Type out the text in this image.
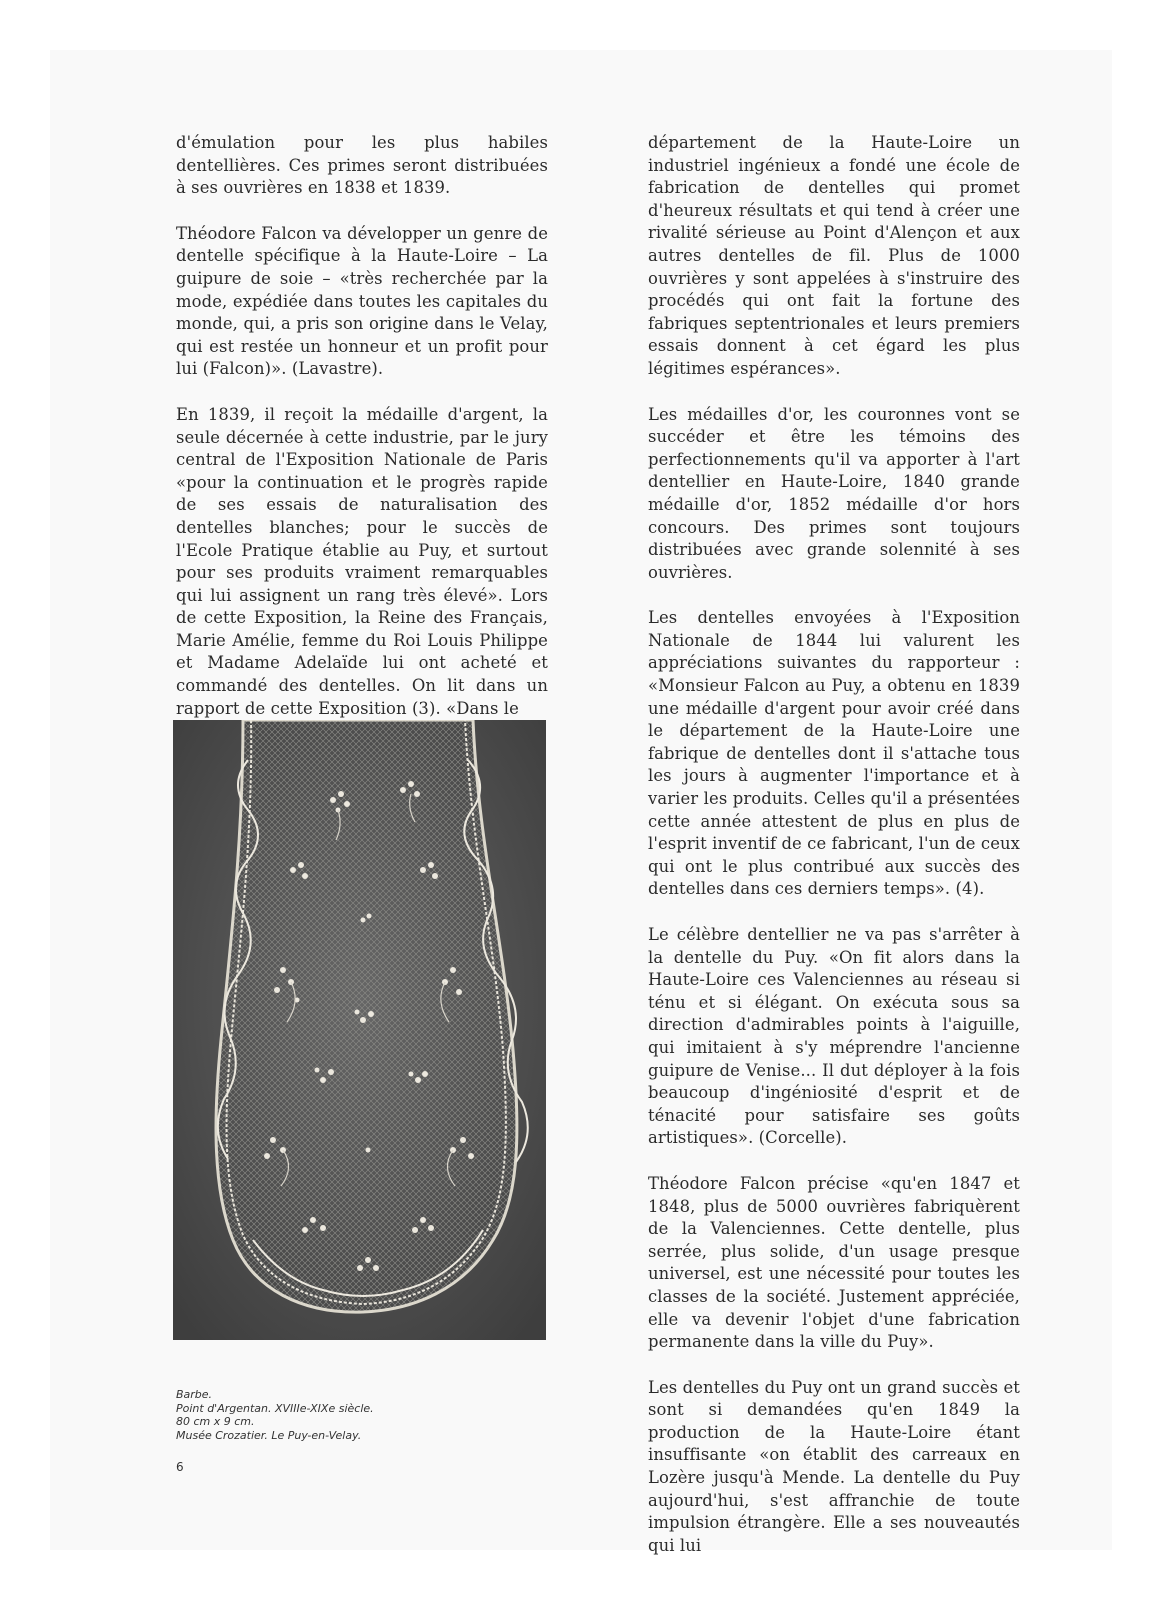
d'émulation pour les plus habiles dentellières. Ces primes seront distribuées à ses ouvrières en 1838 et 1839.

Théodore Falcon va développer un genre de dentelle spécifique à la Haute-Loire – La guipure de soie – «très recherchée par la mode, expédiée dans toutes les capitales du monde, qui, a pris son origine dans le Velay, qui est restée un honneur et un profit pour lui (Falcon)». (Lavastre).

En 1839, il reçoit la médaille d'argent, la seule décernée à cette industrie, par le jury central de l'Exposition Nationale de Paris «pour la continuation et le progrès rapide de ses essais de naturalisation des dentelles blanches; pour le succès de l'Ecole Pratique établie au Puy, et surtout pour ses produits vraiment remarquables qui lui assignent un rang très élevé». Lors de cette Exposition, la Reine des Français, Marie Amélie, femme du Roi Louis Philippe et Madame Adelaïde lui ont acheté et commandé des dentelles. On lit dans un rapport de cette Exposition (3). «Dans le

Barbe.
Point d'Argentan. XVIIIe-XIXe siècle.
80 cm x 9 cm.
Musée Crozatier. Le Puy-en-Velay.
6

département de la Haute-Loire un industriel ingénieux a fondé une école de fabrication de dentelles qui promet d'heureux résultats et qui tend à créer une rivalité sérieuse au Point d'Alençon et aux autres dentelles de fil. Plus de 1000 ouvrières y sont appelées à s'instruire des procédés qui ont fait la fortune des fabriques septentrionales et leurs premiers essais donnent à cet égard les plus légitimes espérances».

Les médailles d'or, les couronnes vont se succéder et être les témoins des perfectionnements qu'il va apporter à l'art dentellier en Haute-Loire, 1840 grande médaille d'or, 1852 médaille d'or hors concours. Des primes sont toujours distribuées avec grande solennité à ses ouvrières.

Les dentelles envoyées à l'Exposition Nationale de 1844 lui valurent les appréciations suivantes du rapporteur : «Monsieur Falcon au Puy, a obtenu en 1839 une médaille d'argent pour avoir créé dans le département de la Haute-Loire une fabrique de dentelles dont il s'attache tous les jours à augmenter l'importance et à varier les produits. Celles qu'il a présentées cette année attestent de plus en plus de l'esprit inventif de ce fabricant, l'un de ceux qui ont le plus contribué aux succès des dentelles dans ces derniers temps». (4).

Le célèbre dentellier ne va pas s'arrêter à la dentelle du Puy. «On fit alors dans la Haute-Loire ces Valenciennes au réseau si ténu et si élégant. On exécuta sous sa direction d'admirables points à l'aiguille, qui imitaient à s'y méprendre l'ancienne guipure de Venise... Il dut déployer à la fois beaucoup d'ingéniosité d'esprit et de ténacité pour satisfaire ses goûts artistiques». (Corcelle).

Théodore Falcon précise «qu'en 1847 et 1848, plus de 5000 ouvrières fabriquèrent de la Valenciennes. Cette dentelle, plus serrée, plus solide, d'un usage presque universel, est une nécessité pour toutes les classes de la société. Justement appréciée, elle va devenir l'objet d'une fabrication permanente dans la ville du Puy».

Les dentelles du Puy ont un grand succès et sont si demandées qu'en 1849 la production de la Haute-Loire étant insuffisante «on établit des carreaux en Lozère jusqu'à Mende. La dentelle du Puy aujourd'hui, s'est affranchie de toute impulsion étrangère. Elle a ses nouveautés qui lui
